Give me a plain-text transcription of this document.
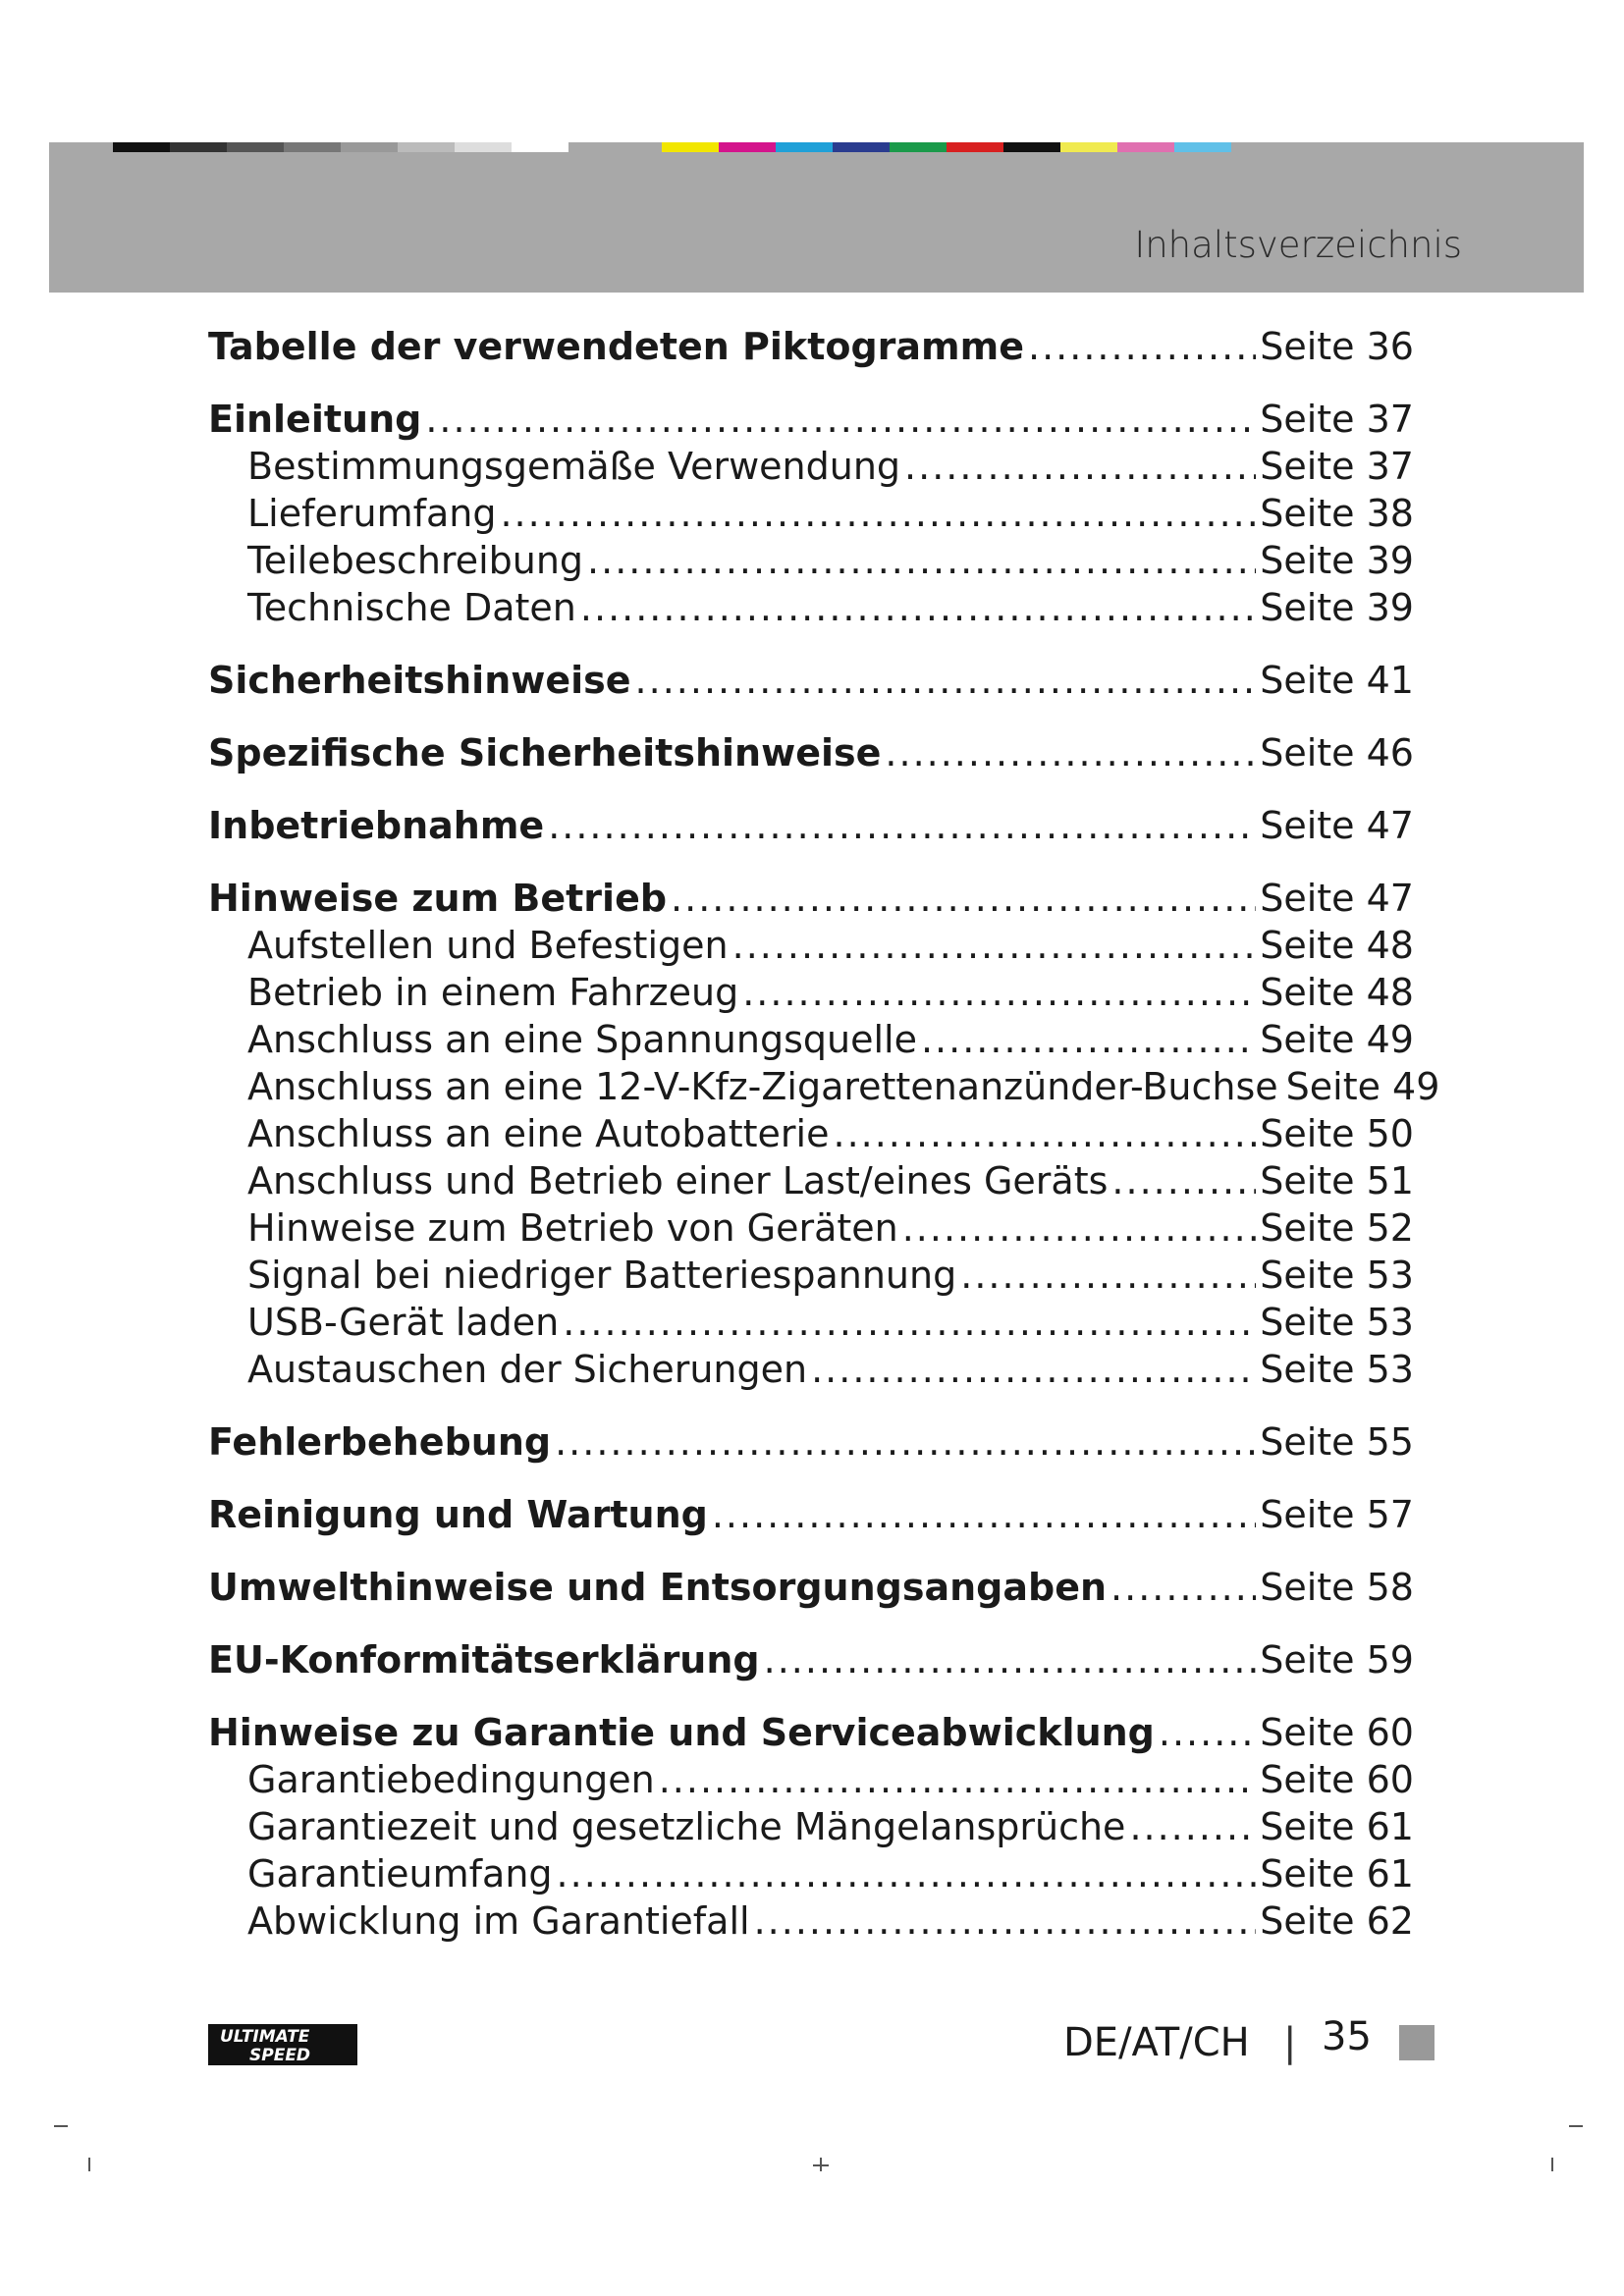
Inhaltsverzeichnis
Tabelle der verwendeten Piktogramme .....	Seite 36
Einleitung .....	Seite 37
Bestimmungsgemäße Verwendung .....	Seite 37
Lieferumfang .....	Seite 38
Teilebeschreibung .....	Seite 39
Technische Daten .....	Seite 39
Sicherheitshinweise .....	Seite 41
Spezifische Sicherheitshinweise .....	Seite 46
Inbetriebnahme .....	Seite 47
Hinweise zum Betrieb .....	Seite 47
Aufstellen und Befestigen .....	Seite 48
Betrieb in einem Fahrzeug .....	Seite 48
Anschluss an eine Spannungsquelle .....	Seite 49
Anschluss an eine 12-V-Kfz-Zigarettenanzünder-Buchse Seite 49
Anschluss an eine Autobatterie .....	Seite 50
Anschluss und Betrieb einer Last/eines Geräts .....	Seite 51
Hinweise zum Betrieb von Geräten .....	Seite 52
Signal bei niedriger Batteriespannung .....	Seite 53
USB-Gerät laden .....	Seite 53
Austauschen der Sicherungen .....	Seite 53
Fehlerbehebung .....	Seite 55
Reinigung und Wartung .....	Seite 57
Umwelthinweise und Entsorgungsangaben .....	Seite 58
EU-Konformitätserklärung .....	Seite 59
Hinweise zu Garantie und Serviceabwicklung .....	Seite 60
Garantiebedingungen .....	Seite 60
Garantiezeit und gesetzliche Mängelansprüche .....	Seite 61
Garantieumfang .....	Seite 61
Abwicklung im Garantiefall .....	Seite 62
ULTIMATE
SPEED	DE/AT/CH | 35
